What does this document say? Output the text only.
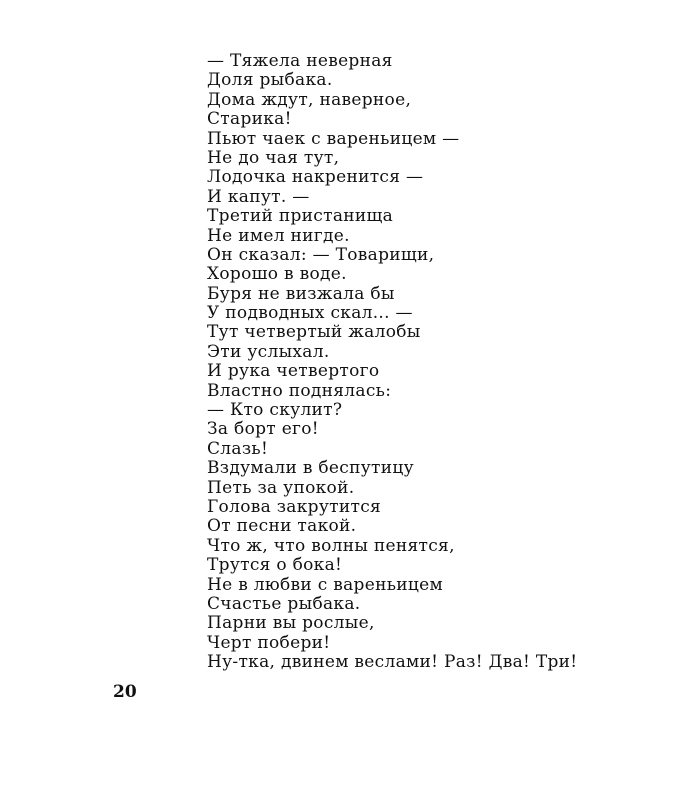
— Тяжела неверная
Доля рыбака.
Дома ждут, наверное,
Старика!
Пьют чаек с вареньицем —
Не до чая тут,
Лодочка накренится —
И капут. —
Третий пристанища
Не имел нигде.
Он сказал: — Товарищи,
Хорошо в воде.
Буря не визжала бы
У подводных скал... —
Тут четвертый жалобы
Эти услыхал.
И рука четвертого
Властно поднялась:
— Кто скулит?
За борт его!
Слазь!
Вздумали в беспутицу
Петь за упокой.
Голова закрутится
От песни такой.
Что ж, что волны пенятся,
Трутся о бока!
Не в любви с вареньицем
Счастье рыбака.
Парни вы рослые,
Черт побери!
Ну-тка, двинем веслами! Раз! Два! Три!
20
